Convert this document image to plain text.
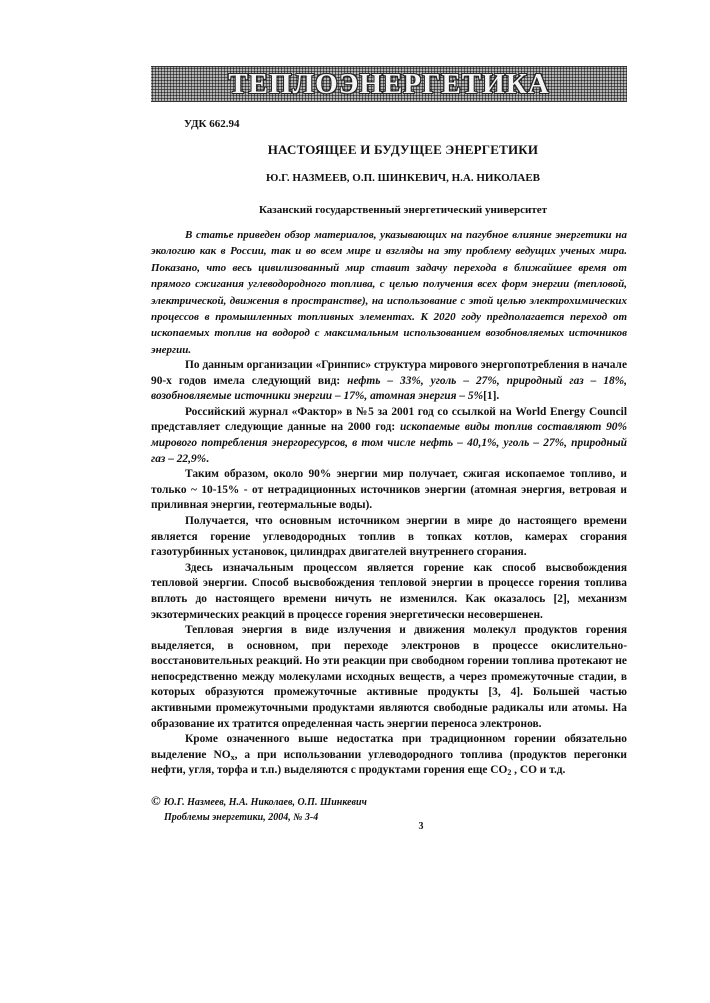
ТЕПЛОЭНЕРГЕТИКА
УДК 662.94
НАСТОЯЩЕЕ И БУДУЩЕЕ ЭНЕРГЕТИКИ
Ю.Г. НАЗМЕЕВ, О.П. ШИНКЕВИЧ, Н.А. НИКОЛАЕВ
Казанский государственный энергетический университет

В статье приведен обзор материалов, указывающих на пагубное влияние энергетики на экологию как в России, так и во всем мире и взгляды на эту проблему ведущих ученых мира. Показано, что весь цивилизованный мир ставит задачу перехода в ближайшее время от прямого сжигания углеводородного топлива, с целью получения всех форм энергии (тепловой, электрической, движения в пространстве), на использование с этой целью электрохимических процессов в промышленных топливных элементах. К 2020 году предполагается переход от ископаемых топлив на водород с максимальным использованием возобновляемых источников энергии.

По данным организации «Гринпис» структура мирового энергопотребления в начале 90-х годов имела следующий вид: нефть – 33%, уголь – 27%, природный газ – 18%, возобновляемые источники энергии – 17%, атомная энергия – 5%[1].

Российский журнал «Фактор» в №5 за 2001 год со ссылкой на World Energy Council представляет следующие данные на 2000 год: ископаемые виды топлив составляют 90% мирового потребления энергоресурсов, в том числе нефть – 40,1%, уголь – 27%, природный газ – 22,9%.

Таким образом, около 90% энергии мир получает, сжигая ископаемое топливо, и только ~ 10-15% - от нетрадиционных источников энергии (атомная энергия, ветровая и приливная энергии, геотермальные воды).

Получается, что основным источником энергии в мире до настоящего времени является горение углеводородных топлив в топках котлов, камерах сгорания газотурбинных установок, цилиндрах двигателей внутреннего сгорания.

Здесь изначальным процессом является горение как способ высвобождения тепловой энергии. Способ высвобождения тепловой энергии в процессе горения топлива вплоть до настоящего времени ничуть не изменился. Как оказалось [2], механизм экзотермических реакций в процессе горения энергетически несовершенен.

Тепловая энергия в виде излучения и движения молекул продуктов горения выделяется, в основном, при переходе электронов в процессе окислительно-восстановительных реакций. Но эти реакции при свободном горении топлива протекают не непосредственно между молекулами исходных веществ, а через промежуточные стадии, в которых образуются промежуточные активные продукты [3, 4]. Большей частью активными промежуточными продуктами являются свободные радикалы или атомы. На образование их тратится определенная часть энергии переноса электронов.

Кроме означенного выше недостатка при традиционном горении обязательно выделение $NO_x$, а при использовании углеводородного топлива (продуктов перегонки нефти, угля, торфа и т.п.) выделяются с продуктами горения еще $CO_2$ , CO и т.д.

© Ю.Г. Назмеев, Н.А. Николаев, О.П. Шинкевич
Проблемы энергетики, 2004, № 3-4
3
